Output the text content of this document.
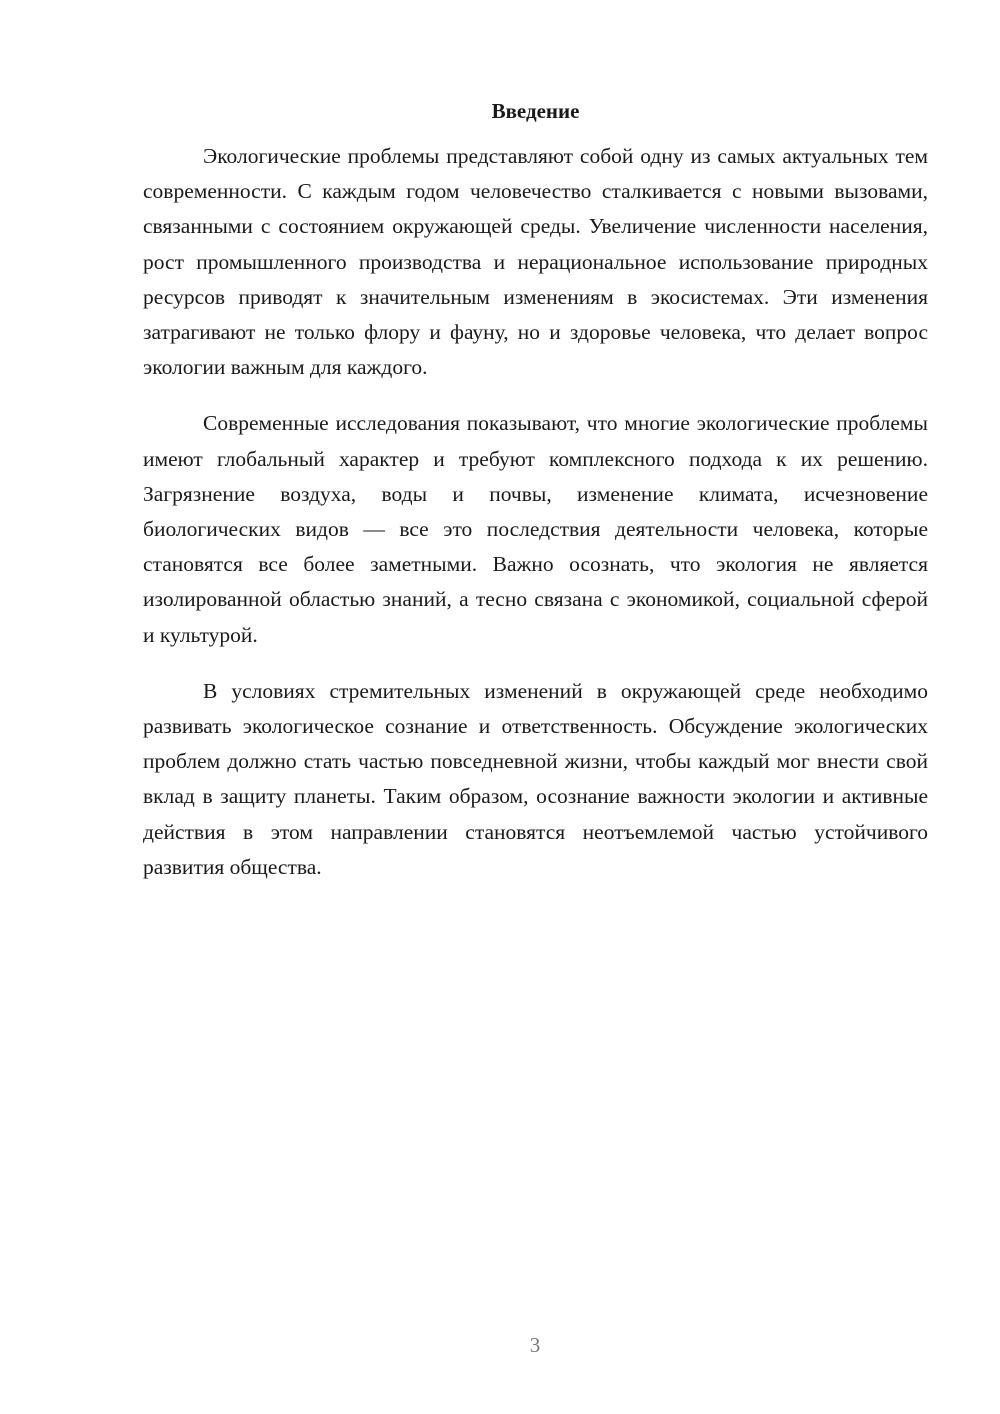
Введение

Экологические проблемы представляют собой одну из самых актуальных тем современности. С каждым годом человечество сталкивается с новыми вызовами, связанными с состоянием окружающей среды. Увеличение численности населения, рост промышленного производства и нерациональное использование природных ресурсов приводят к значительным изменениям в экосистемах. Эти изменения затрагивают не только флору и фауну, но и здоровье человека, что делает вопрос экологии важным для каждого.

Современные исследования показывают, что многие экологические проблемы имеют глобальный характер и требуют комплексного подхода к их решению. Загрязнение воздуха, воды и почвы, изменение климата, исчезновение биологических видов — все это последствия деятельности человека, которые становятся все более заметными. Важно осознать, что экология не является изолированной областью знаний, а тесно связана с экономикой, социальной сферой и культурой.

В условиях стремительных изменений в окружающей среде необходимо развивать экологическое сознание и ответственность. Обсуждение экологических проблем должно стать частью повседневной жизни, чтобы каждый мог внести свой вклад в защиту планеты. Таким образом, осознание важности экологии и активные действия в этом направлении становятся неотъемлемой частью устойчивого развития общества.

3
